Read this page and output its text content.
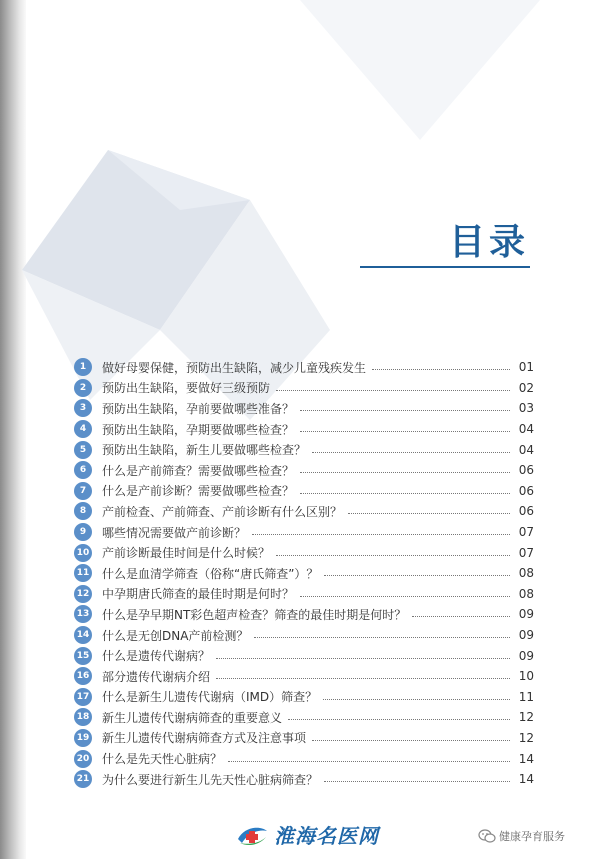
目录
1	做好母婴保健，预防出生缺陷，减少儿童残疾发生	01
2	预防出生缺陷，要做好三级预防	02
3	预防出生缺陷，孕前要做哪些准备？	03
4	预防出生缺陷，孕期要做哪些检查？	04
5	预防出生缺陷，新生儿要做哪些检查？	04
6	什么是产前筛查？需要做哪些检查？	06
7	什么是产前诊断？需要做哪些检查？	06
8	产前检查、产前筛查、产前诊断有什么区别？	06
9	哪些情况需要做产前诊断？	07
10 产前诊断最佳时间是什么时候？	07
11 什么是血清学筛查（俗称“唐氏筛查”）？	08
12 中孕期唐氏筛查的最佳时期是何时？	08
13 什么是孕早期NT彩色超声检查？筛查的最佳时期是何时？	09
14 什么是无创DNA产前检测？	09
15 什么是遗传代谢病？	09
16 部分遗传代谢病介绍	10
17 什么是新生儿遗传代谢病（IMD）筛查？	11
18 新生儿遗传代谢病筛查的重要意义	12
19 新生儿遗传代谢病筛查方式及注意事项	12
20 什么是先天性心脏病？	14
21 为什么要进行新生儿先天性心脏病筛查？	14
淮海名医网	健康孕育服务
